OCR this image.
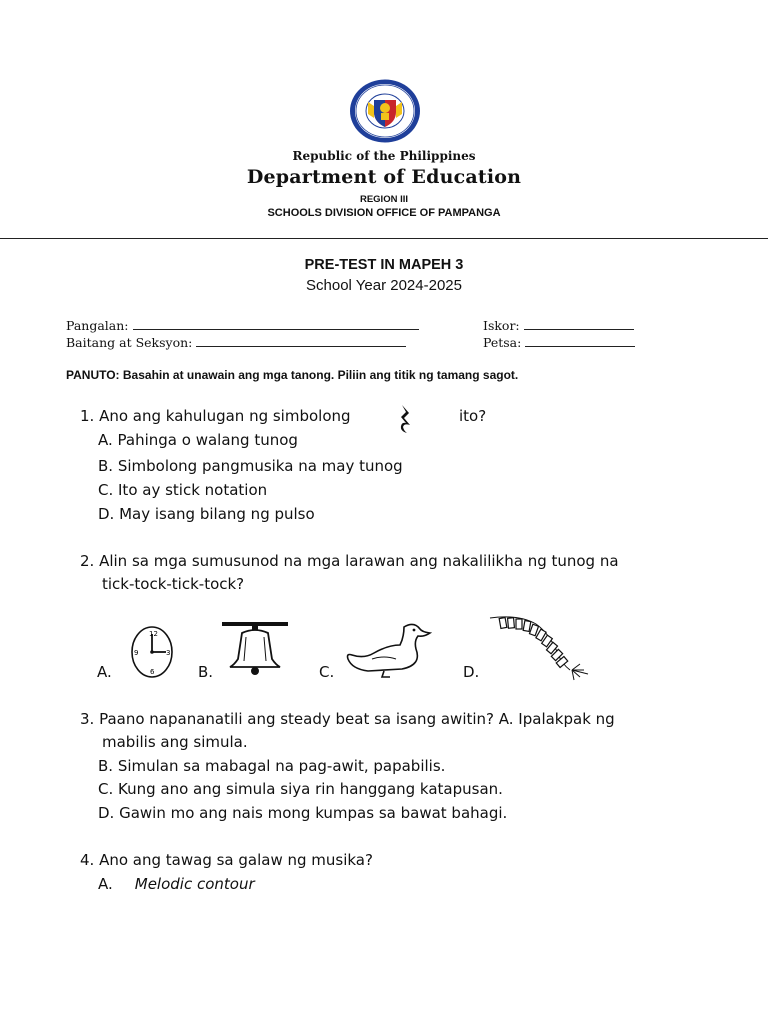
Republic of the Philippines
Department of Education
REGION III
SCHOOLS DIVISION OFFICE OF PAMPANGA
PRE-TEST IN MAPEH 3
School Year 2024-2025
Pangalan:	Iskor:
Baitang at Seksyon:	Petsa:
PANUTO: Basahin at unawain ang mga tanong. Piliin ang titik ng tamang sagot.
1. Ano ang kahulugan ng simbolong	ito?
A. Pahinga o walang tunog
B. Simbolong pangmusika na may tunog
C. Ito ay stick notation
D. May isang bilang ng pulso
2. Alin sa mga sumusunod na mga larawan ang nakalilikha ng tunog na
tick-tock-tick-tock?
A.
12
9	3
6	B.	C.	D.
3. Paano napananatili ang steady beat sa isang awitin? A. Ipalakpak ng
mabilis ang simula.
B. Simulan sa mabagal na pag-awit, papabilis.
C. Kung ano ang simula siya rin hanggang katapusan.
D. Gawin mo ang nais mong kumpas sa bawat bahagi.
4. Ano ang tawag sa galaw ng musika?
A. Melodic contour
